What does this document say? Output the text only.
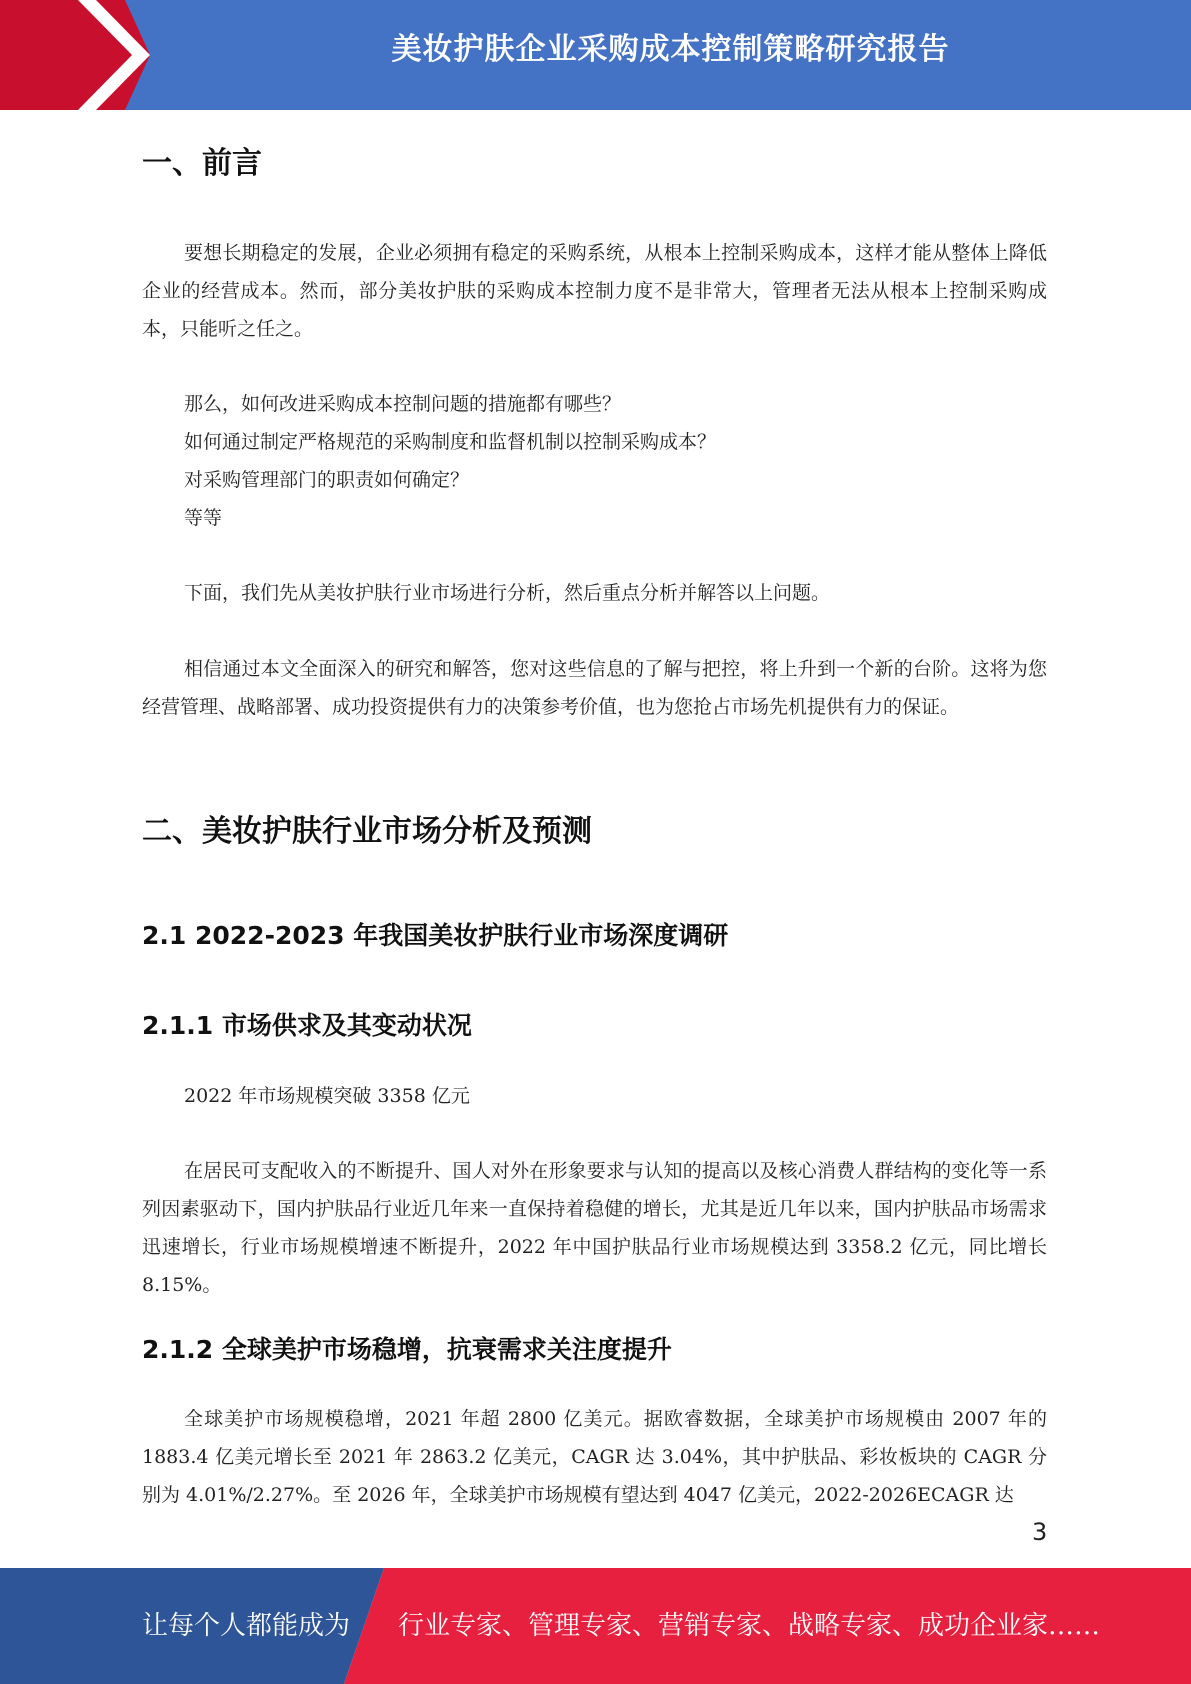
美妆护肤企业采购成本控制策略研究报告
一、前言

要想长期稳定的发展，企业必须拥有稳定的采购系统，从根本上控制采购成本，这样才能从整体上降低企业的经营成本。然而，部分美妆护肤的采购成本控制力度不是非常大，管理者无法从根本上控制采购成本，只能听之任之。

那么，如何改进采购成本控制问题的措施都有哪些？
如何通过制定严格规范的采购制度和监督机制以控制采购成本？
对采购管理部门的职责如何确定？
等等

下面，我们先从美妆护肤行业市场进行分析，然后重点分析并解答以上问题。

相信通过本文全面深入的研究和解答，您对这些信息的了解与把控，将上升到一个新的台阶。这将为您经营管理、战略部署、成功投资提供有力的决策参考价值，也为您抢占市场先机提供有力的保证。

二、美妆护肤行业市场分析及预测
2.1 2022-2023 年我国美妆护肤行业市场深度调研
2.1.1 市场供求及其变动状况

2022 年市场规模突破 3358 亿元

在居民可支配收入的不断提升、国人对外在形象要求与认知的提高以及核心消费人群结构的变化等一系列因素驱动下，国内护肤品行业近几年来一直保持着稳健的增长，尤其是近几年以来，国内护肤品市场需求迅速增长，行业市场规模增速不断提升，2022 年中国护肤品行业市场规模达到 3358.2 亿元，同比增长 8.15%。

2.1.2 全球美护市场稳增，抗衰需求关注度提升

全球美护市场规模稳增，2021 年超 2800 亿美元。据欧睿数据，全球美护市场规模由 2007 年的 1883.4 亿美元增长至 2021 年 2863.2 亿美元，CAGR 达 3.04%，其中护肤品、彩妆板块的 CAGR 分别为 4.01%/2.27%。至 2026 年，全球美护市场规模有望达到 4047 亿美元，2022-2026ECAGR 达

3
让每个人都能成为 行业专家、管理专家、营销专家、战略专家、成功企业家……
